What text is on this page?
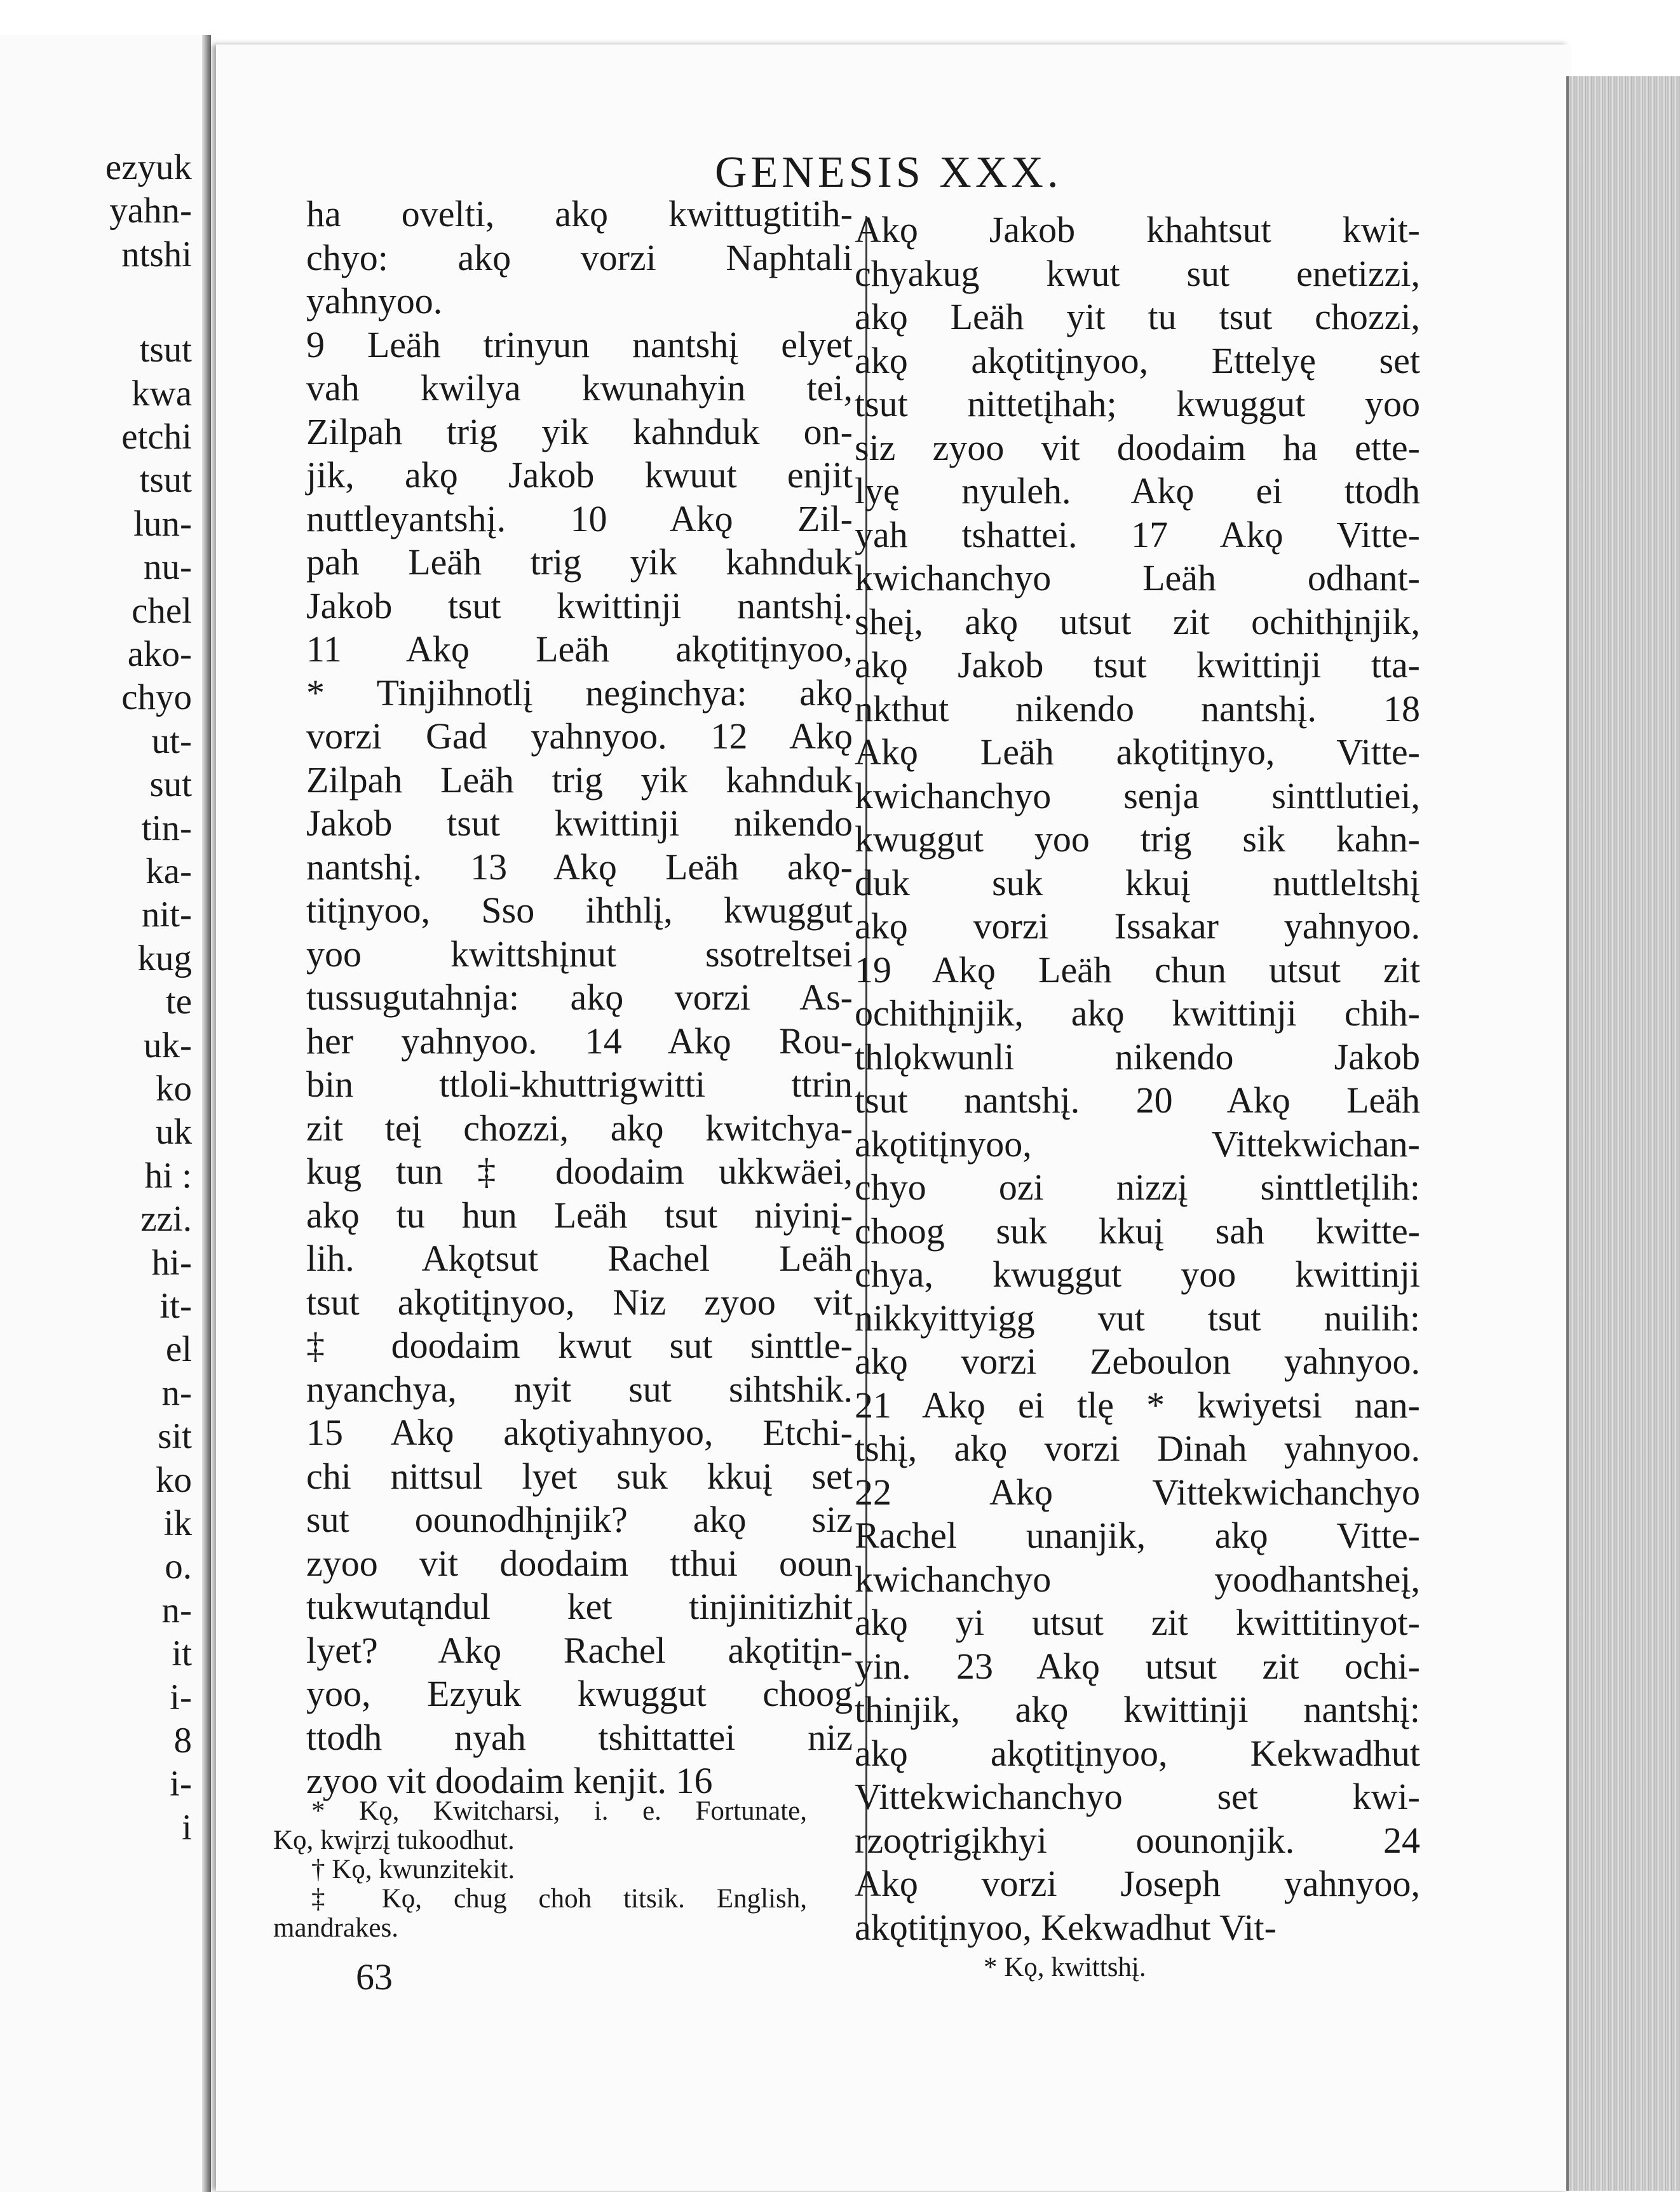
ezyuk
yahn-
ntshi
tsut
kwa
etchi
tsut
lun-
nu-
chel
ako-
chyo
ut-
sut
tin-
ka-
nit-
kug
te
uk-
ko
uk
hi :
zzi.
hi-
it-
el
n-
sit
ko
ik
o.
n-
it
i-
8
i-
i
GENESIS XXX.
ha ovelti, akǫ kwittugtitih-
chyo: akǫ vorzi Naphtali
yahnyoo.
9 Leäh trinyun nantshį elyet
vah kwilya kwunahyin tei,
Zilpah trig yik kahnduk on-
jik, akǫ Jakob kwuut enjit
nuttleyantshį. 10 Akǫ Zil-
pah Leäh trig yik kahnduk
Jakob tsut kwittinji nantshį.
11 Akǫ Leäh akǫtitįnyoo,
* Tinjihnotlį neginchya: akǫ
vorzi Gad yahnyoo. 12 Akǫ
Zilpah Leäh trig yik kahnduk
Jakob tsut kwittinji nikendo
nantshį. 13 Akǫ Leäh akǫ-
titįnyoo, Sso ihthlį, kwuggut
yoo kwittshįnut ssotreltsei
tussugutahnja: akǫ vorzi As-
her yahnyoo. 14 Akǫ Rou-
bin ttloli-khuttrigwitti ttrin
zit teį chozzi, akǫ kwitchya-
kug tun ‡ doodaim ukkwäei,
akǫ tu hun Leäh tsut niyinį-
lih. Akǫtsut Rachel Leäh
tsut akǫtitįnyoo, Niz zyoo vit
‡ doodaim kwut sut sinttle-
nyanchya, nyit sut sihtshik.
15 Akǫ akǫtiyahnyoo, Etchi-
chi nittsul lyet suk kkuį set
sut oounodhįnjik? akǫ siz
zyoo vit doodaim tthui ooun
tukwutąndul ket tinjinitizhit
lyet? Akǫ Rachel akǫtitįn-
yoo, Ezyuk kwuggut choog
ttodh nyah tshittattei niz
zyoo vit doodaim kenjit. 16
Akǫ Jakob khahtsut kwit-
chyakug kwut sut enetizzi,
akǫ Leäh yit tu tsut chozzi,
akǫ akǫtitįnyoo, Ettelyę set
tsut nittetįhah; kwuggut yoo
siz zyoo vit doodaim ha ette-
lyę nyuleh. Akǫ ei ttodh
yah tshattei. 17 Akǫ Vitte-
kwichanchyo Leäh odhant-
sheį, akǫ utsut zit ochithįnjik,
akǫ Jakob tsut kwittinji tta-
nkthut nikendo nantshį. 18
Akǫ Leäh akǫtitįnyo, Vitte-
kwichanchyo senja sinttlutiei,
kwuggut yoo trig sik kahn-
duk suk kkuį nuttleltshį
akǫ vorzi Issakar yahnyoo.
19 Akǫ Leäh chun utsut zit
ochithįnjik, akǫ kwittinji chih-
thlǫkwunli nikendo Jakob
tsut nantshį. 20 Akǫ Leäh
akǫtitįnyoo, Vittekwichan-
chyo ozi nizzį sinttletįlih:
choog suk kkuį sah kwitte-
chya, kwuggut yoo kwittinji
nikkyittyigg vut tsut nuilih:
akǫ vorzi Zeboulon yahnyoo.
21 Akǫ ei tlę * kwiyetsi nan-
tshį, akǫ vorzi Dinah yahnyoo.
22 Akǫ Vittekwichanchyo
Rachel unanjik, akǫ Vitte-
kwichanchyo yoodhantsheį,
akǫ yi utsut zit kwittitinyot-
yin. 23 Akǫ utsut zit ochi-
thinjik, akǫ kwittinji nantshį:
akǫ akǫtitįnyoo, Kekwadhut
Vittekwichanchyo set kwi-
rzoǫtrigįkhyi oounonjik. 24
Akǫ vorzi Joseph yahnyoo,
akǫtitįnyoo, Kekwadhut Vit-
* Kǫ, Kwitcharsi, i. e. Fortunate,
Kǫ, kwįrzį tukoodhut.
† Kǫ, kwunzitekit.
‡ Kǫ, chug choh titsik. English,
mandrakes.
63	* Kǫ, kwittshį.
